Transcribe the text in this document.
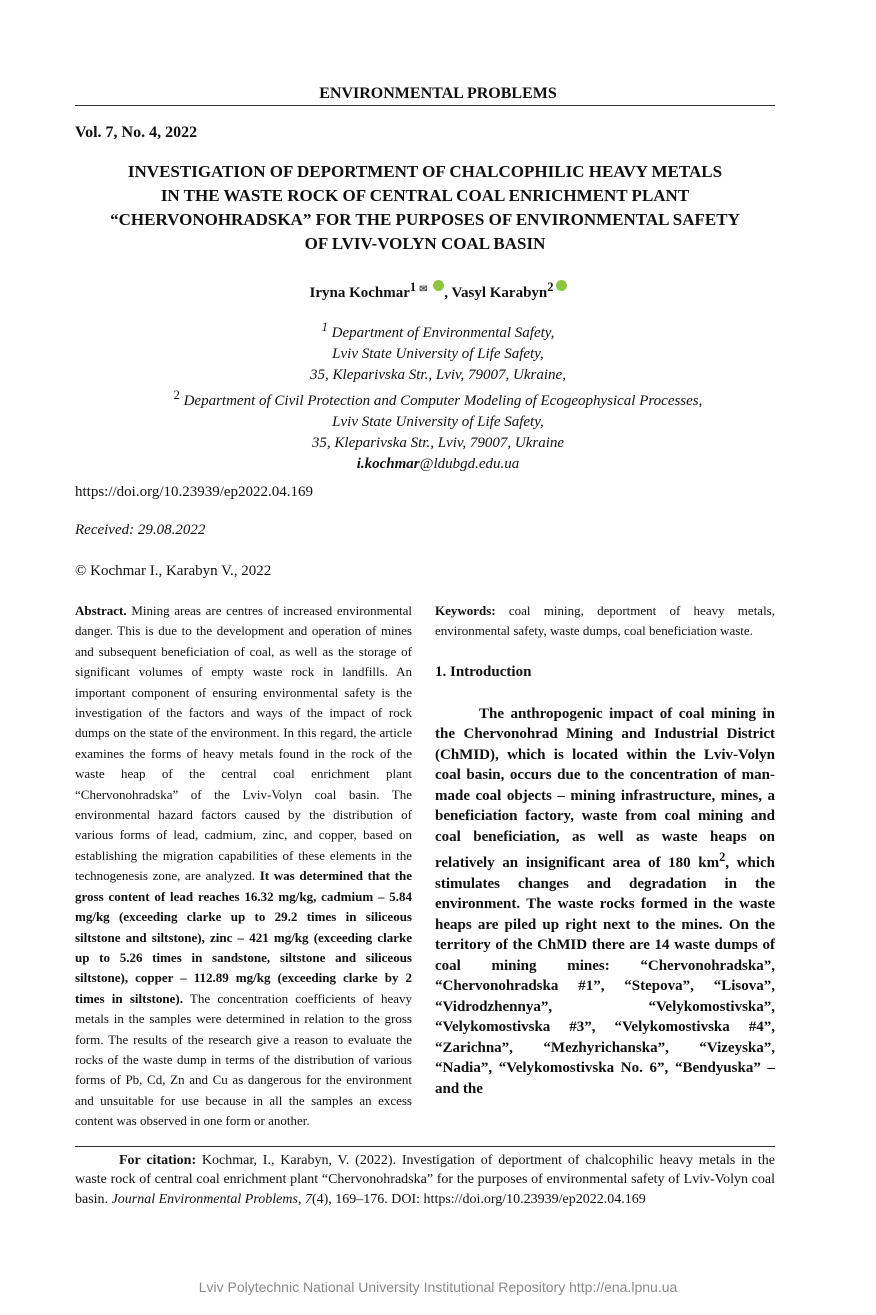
ENVIRONMENTAL PROBLEMS
Vol. 7, No. 4, 2022
INVESTIGATION OF DEPORTMENT OF CHALCOPHILIC HEAVY METALS
IN THE WASTE ROCK OF CENTRAL COAL ENRICHMENT PLANT
“CHERVONOHRADSKA” FOR THE PURPOSES OF ENVIRONMENTAL SAFETY
OF LVIV-VOLYN COAL BASIN
Iryna Kochmar$^1$ ✉ , Vasyl Karabyn$^2$
$^1$ Department of Environmental Safety,
Lviv State University of Life Safety,
35, Kleparivska Str., Lviv, 79007, Ukraine,
$^2$ Department of Civil Protection and Computer Modeling of Ecogeophysical Processes,
Lviv State University of Life Safety,
35, Kleparivska Str., Lviv, 79007, Ukraine
i.kochmar@ldubgd.edu.ua
https://doi.org/10.23939/ep2022.04.169
Received: 29.08.2022
© Kochmar I., Karabyn V., 2022
Abstract. Mining areas are centres of increased environmental danger. This is due to the development and operation of mines and subsequent beneficiation of coal, as well as the storage of significant volumes of empty waste rock in landfills. An important component of ensuring environmental safety is the investigation of the factors and ways of the impact of rock dumps on the state of the environment. In this regard, the article examines the forms of heavy metals found in the rock of the waste heap of the central coal enrichment plant “Chervonohradska” of the Lviv-Volyn coal basin. The environmental hazard factors caused by the distribution of various forms of lead, cadmium, zinc, and copper, based on establishing the migration capabilities of these elements in the technogenesis zone, are analyzed. It was determined that the gross content of lead reaches 16.32 mg/kg, cadmium – 5.84 mg/kg (exceeding clarke up to 29.2 times in siliceous siltstone and siltstone), zinc – 421 mg/kg (exceeding clarke up to 5.26 times in sandstone, siltstone and siliceous siltstone), copper – 112.89 mg/kg (exceeding clarke by 2 times in siltstone). The concentration coefficients of heavy metals in the samples were determined in relation to the gross form. The results of the research give a reason to evaluate the rocks of the waste dump in terms of the distribution of various forms of Pb, Cd, Zn and Cu as dangerous for the environment and unsuitable for use because in all the samples an excess content was observed in one form or another.
Keywords: coal mining, deportment of heavy metals, environmental safety, waste dumps, coal beneficiation waste.
1. Introduction
The anthropogenic impact of coal mining in the Chervonohrad Mining and Industrial District (ChMID), which is located within the Lviv-Volyn coal basin, occurs due to the concentration of man-made coal objects – mining infrastructure, mines, a beneficiation factory, waste from coal mining and coal beneficiation, as well as waste heaps on relatively an insignificant area of 180 $km^2$, which stimulates changes and degradation in the environment. The waste rocks formed in the waste heaps are piled up right next to the mines. On the territory of the ChMID there are 14 waste dumps of coal mining mines: “Chervonohradska”, “Chervonohradska #1”, “Stepova”, “Lisova”, “Vidrodzhennya”, “Velykomostivska”, “Velykomostivska #3”, “Velykomostivska #4”, “Zarichna”, “Mezhyrichanska”, “Vizeyska”, “Nadia”, “Velykomostivska No. 6”, “Bendyuska” – and the
For citation: Kochmar, I., Karabyn, V. (2022). Investigation of deportment of chalcophilic heavy metals in the waste rock of central coal enrichment plant “Chervonohradska” for the purposes of environmental safety of Lviv-Volyn coal basin. Journal Environmental Problems, 7(4), 169–176. DOI: https://doi.org/10.23939/ep2022.04.169
Lviv Polytechnic National University Institutional Repository http://ena.lpnu.ua
